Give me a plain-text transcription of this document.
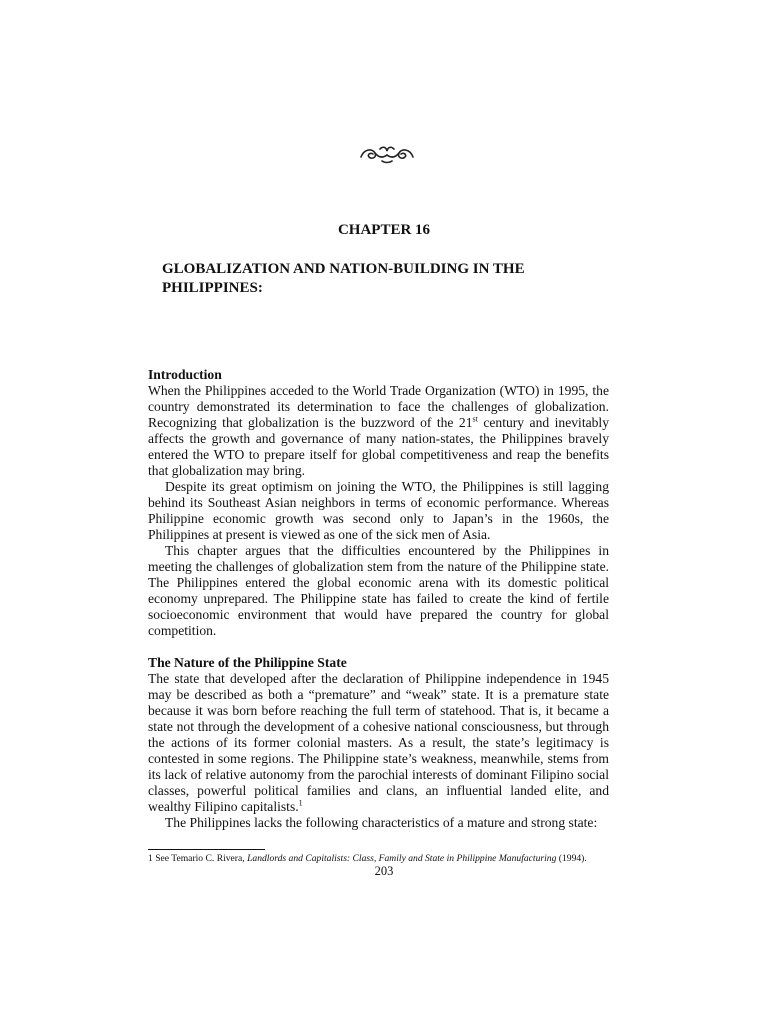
CHAPTER 16
GLOBALIZATION AND NATION-BUILDING IN THE PHILIPPINES:
Introduction

When the Philippines acceded to the World Trade Organization (WTO) in 1995, the country demonstrated its determination to face the challenges of globalization. Recognizing that globalization is the buzzword of the 21st century and inevitably affects the growth and governance of many nation-states, the Philippines bravely entered the WTO to prepare itself for global competitiveness and reap the benefits that globalization may bring.

Despite its great optimism on joining the WTO, the Philippines is still lagging behind its Southeast Asian neighbors in terms of economic performance. Whereas Philippine economic growth was second only to Japan’s in the 1960s, the Philippines at present is viewed as one of the sick men of Asia.

This chapter argues that the difficulties encountered by the Philippines in meeting the challenges of globalization stem from the nature of the Philippine state. The Philippines entered the global economic arena with its domestic political economy unprepared. The Philippine state has failed to create the kind of fertile socioeconomic environment that would have prepared the country for global competition.

The Nature of the Philippine State

The state that developed after the declaration of Philippine independence in 1945 may be described as both a “premature” and “weak” state. It is a premature state because it was born before reaching the full term of statehood. That is, it became a state not through the development of a cohesive national consciousness, but through the actions of its former colonial masters. As a result, the state’s legitimacy is contested in some regions. The Philippine state’s weakness, meanwhile, stems from its lack of relative autonomy from the parochial interests of dominant Filipino social classes, powerful political families and clans, an influential landed elite, and wealthy Filipino capitalists.$^1$

The Philippines lacks the following characteristics of a mature and strong state:

1 See Temario C. Rivera, Landlords and Capitalists: Class, Family and State in Philippine Manufacturing (1994).
203
